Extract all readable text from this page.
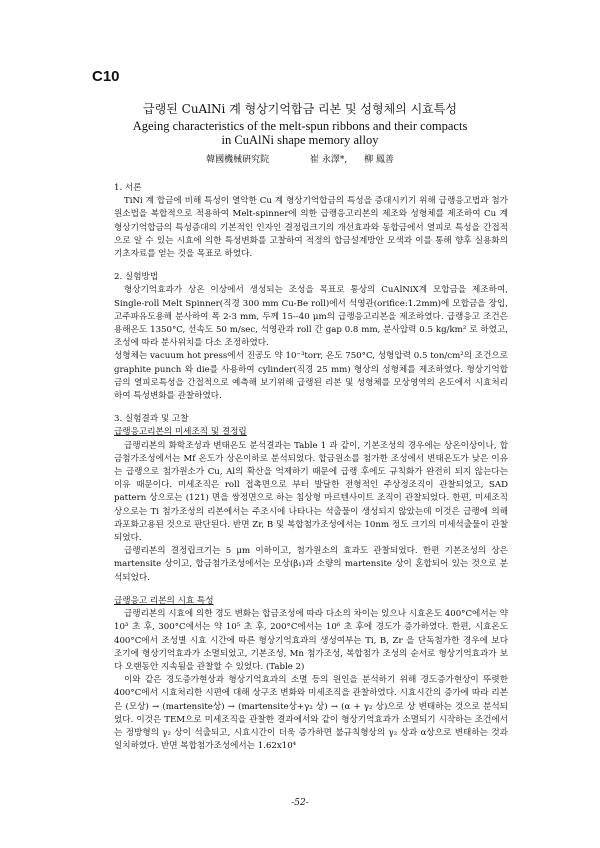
C10
급랭된 CuAlNi 계 형상기억합금 리본 및 성형체의 시효특성
Ageing characteristics of the melt-spun ribbons and their compacts
in CuAlNi shape memory alloy
韓國機械硏究院	崔 永澤*, 柳 鳳善
1. 서론
TiNi 계 합금에 비해 특성이 열악한 Cu 계 형상기억합금의 특성을 증대시키기 위해 급랭응고법과 첨가원소법을 복합적으로 적용하여 Melt-spinner에 의한 급랭응고리본의 제조와 성형체를 제조하여 Cu 계 형상기억합금의 특성증대의 기본적인 인자인 결정립크기의 개선효과와 동합금에서 열피로 특성을 간접적으로 알 수 있는 시효에 의한 특성변화를 고찰하여 적정의 합금설계방안 모색과 이를 통해 향후 실용화의 기초자료를 얻는 것을 목표로 하였다.
2. 실험방법
형상기억효과가 상온 이상에서 생성되는 조성을 목표로 통상의 CuAlNiX계 모합금을 제조하여, Single-roll Melt Spinner(직경 300 mm Cu-Be roll)에서 석영관(orifice:1.2mm)에 모합금을 장입, 고주파유도용해 분사하여 폭 2-3 mm, 두께 15--40 μm의 급랭응고리본을 제조하였다. 급랭응고 조건은 용해온도 1350°C, 선속도 50 m/sec, 석영관과 roll 간 gap 0.8 mm, 분사압력 0.5 kg/km² 로 하였고, 조성에 따라 분사위치를 다소 조정하였다.
성형체는 vacuum hot press에서 진공도 약 10⁻³torr, 온도 750°C, 성형압력 0.5 ton/cm²의 조건으로 graphite punch 와 die를 사용하여 cylinder(직경 25 mm) 형상의 성형체를 제조하였다. 형상기억합금의 열피로특성을 간접적으로 예측해 보기위해 급랭된 리본 및 성형체를 모상영역의 온도에서 시효처리하여 특성변화를 관찰하였다.
3. 실험결과 및 고찰
급랭응고리본의 미세조직 및 결정립
급랭리본의 화학조성과 변태온도 분석결과는 Table 1 과 같이, 기본조성의 경우에는 상온이상이나, 합금첨가조성에서는 Mf 온도가 상온이하로 분석되었다. 합금원소를 첨가한 조성에서 변태온도가 낮은 이유는 급랭으로 첨가원소가 Cu, Al의 확산을 억제하기 때문에 급랭 후에도 규칙화가 완전히 되지 않는다는 이유 때문이다. 미세조직은 roll 접촉면으로 부터 발달한 전형적인 주상정조직이 관찰되었고, SAD pattern 상으로는 (121) 면을 쌍정면으로 하는 침상형 마르텐사이트 조직이 관찰되었다. 한편, 미세조직상으로는 Ti 첨가조성의 리본에서는 주조시에 나타나는 석출물이 생성되지 않았는데 이것은 급랭에 의해 과포화고용된 것으로 판단된다. 반면 Zr, B 및 복합첨가조성에서는 10nm 정도 크기의 미세석출물이 관찰되었다.
급랭리본의 결정립크기는 5 μm 이하이고, 첨가원소의 효과도 관찰되었다. 한편 기본조성의 상은 martensite 상이고, 합금첨가조성에서는 모상(β₁)과 소량의 martensite 상이 혼합되어 있는 것으로 분석되었다.
급랭응고 리본의 시효 특성
급랭리본의 시효에 의한 경도 변화는 합금조성에 따라 다소의 차이는 있으나 시효온도 400°C에서는 약 10³ 초 후, 300°C에서는 약 10⁵ 초 후, 200°C에서는 10⁶ 초 후에 경도가 증가하였다. 한편, 시효온도 400°C에서 조성별 시효 시간에 따른 형상기억효과의 생성여부는 Ti, B, Zr 을 단독첨가한 경우에 보다 조기에 형상기억효과가 소멸되었고, 기본조성, Mn 첨가조성, 복합첨가 조성의 순서로 형상기억효과가 보다 오랜동안 지속됨을 관찰할 수 있었다. (Table 2)
이와 같은 경도증가현상과 형상기억효과의 소멸 등의 원인을 분석하기 위해 경도증가현상이 뚜렷한 400°C에서 시효처리한 시편에 대해 상구조 변화와 미세조직을 관찰하였다. 시효시간의 증가에 따라 리본은 (모상) → (martensite상) → (martensite상+γ₂ 상) → (α + γ₂ 상)으로 상 변태하는 것으로 분석되었다. 이것은 TEM으로 미세조직을 관찰한 결과에서와 같이 형상기억효과가 소멸되기 시작하는 조건에서는 정방형의 γ₂ 상이 석출되고, 시효시간이 더욱 증가하면 불규칙형상의 γ₂ 상과 α상으로 변태하는 것과 일치하였다. 반면 복합첨가조성에서는 1.62x10⁴
-52-
